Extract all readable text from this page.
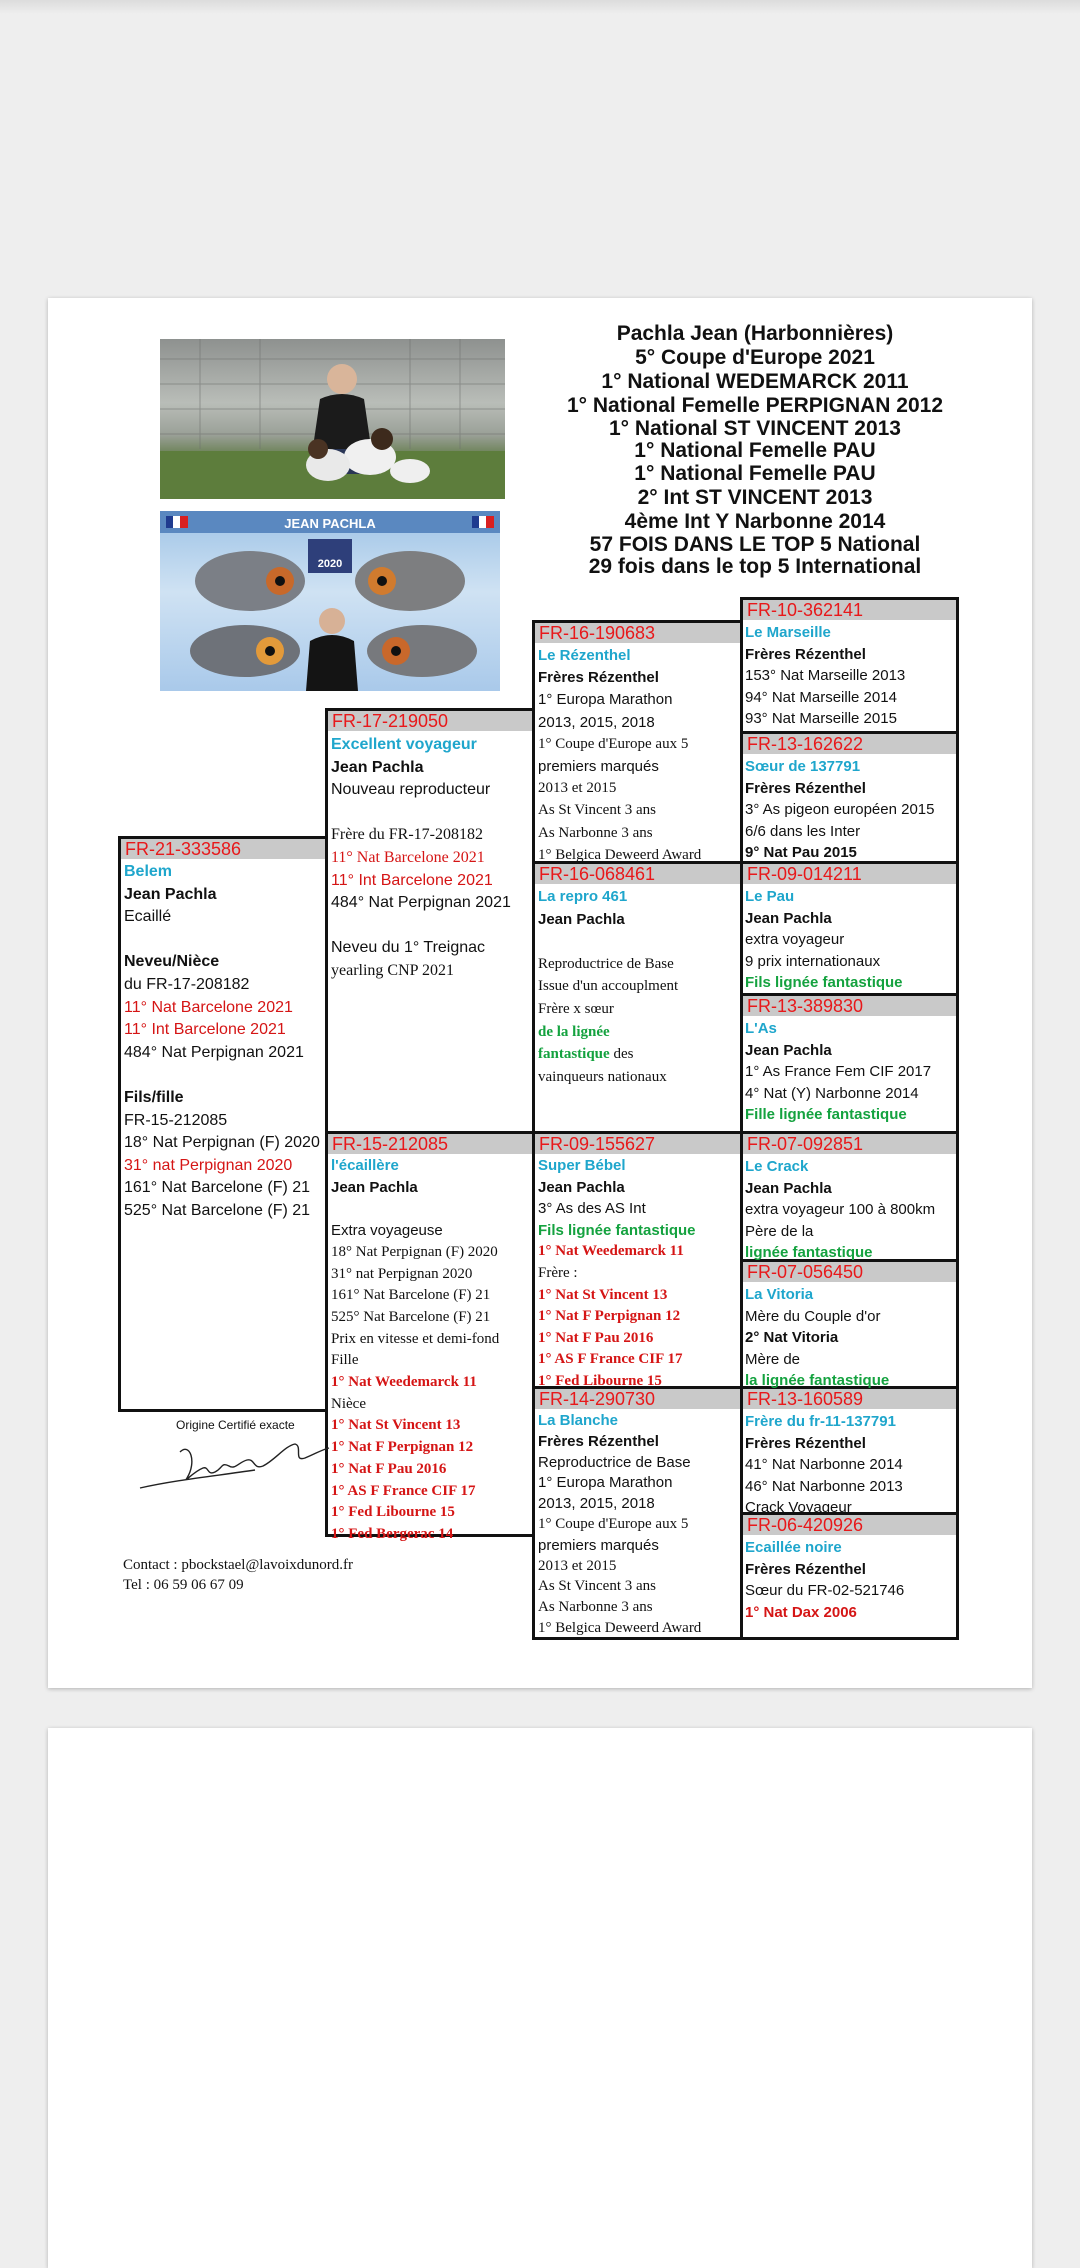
Pachla Jean (Harbonnières)
5° Coupe d'Europe 2021
1° National WEDEMARCK 2011
1° National Femelle PERPIGNAN 2012
1° National ST VINCENT 2013
1° National Femelle PAU
1° National Femelle PAU
2° Int ST VINCENT 2013
4ème Int Y Narbonne 2014
57 FOIS DANS LE TOP 5 National
29 fois dans le top 5 International
JEAN PACHLA
2020
FR-21-333586
FR-17-219050
FR-15-212085
FR-16-190683
FR-16-068461
FR-09-155627
FR-14-290730
FR-10-362141
FR-13-162622
FR-09-014211
FR-13-389830
FR-07-092851
FR-07-056450
FR-13-160589
FR-06-420926
Origine Certifié exacte
Pachla Jean
Contact : pbockstael@lavoixdunord.fr
Tel : 06 59 06 67 09
Belem
Jean Pachla
Ecaillé
Neveu/Nièce
du FR-17-208182
11° Nat Barcelone 2021
11° Int Barcelone 2021
484° Nat Perpignan 2021
Fils/fille
FR-15-212085
18° Nat Perpignan (F) 2020
31° nat Perpignan 2020
161° Nat Barcelone (F) 21
525° Nat Barcelone (F) 21
Excellent voyageur
Jean Pachla
Nouveau reproducteur
Frère du FR-17-208182
11° Nat Barcelone 2021
11° Int Barcelone 2021
484° Nat Perpignan 2021
Neveu du 1° Treignac
yearling CNP 2021
l'écaillère
Jean Pachla
Extra voyageuse
18° Nat Perpignan (F) 2020
31° nat Perpignan 2020
161° Nat Barcelone (F) 21
525° Nat Barcelone (F) 21
Prix en vitesse et demi-fond
Fille
1° Nat Weedemarck 11
Nièce
1° Nat St Vincent 13
1° Nat F Perpignan 12
1° Nat F Pau 2016
1° AS F France CIF 17
1° Fed Libourne 15
1° Fed Bergerac 14
Le Rézenthel
Frères Rézenthel
1° Europa Marathon
2013, 2015, 2018
1° Coupe d'Europe aux 5
premiers marqués
2013 et 2015
As St Vincent 3 ans
As Narbonne 3 ans
1° Belgica Deweerd Award
La repro 461
Jean Pachla
Reproductrice de Base
Issue d'un accouplment
Frère x sœur
de la lignée
fantastique des
vainqueurs nationaux
Super Bébel
Jean Pachla
3° As des AS Int
Fils lignée fantastique
1° Nat Weedemarck 11
Frère :
1° Nat St Vincent 13
1° Nat F Perpignan 12
1° Nat F Pau 2016
1° AS F France CIF 17
1° Fed Libourne 15
La Blanche
Frères Rézenthel
Reproductrice de Base
1° Europa Marathon
2013, 2015, 2018
1° Coupe d'Europe aux 5
premiers marqués
2013 et 2015
As St Vincent 3 ans
As Narbonne 3 ans
1° Belgica Deweerd Award
Le Marseille
Frères Rézenthel
153° Nat Marseille 2013
94° Nat Marseille 2014
93° Nat Marseille 2015
Sœur de 137791
Frères Rézenthel
3° As pigeon européen 2015
6/6 dans les Inter
9° Nat Pau 2015
Le Pau
Jean Pachla
extra voyageur
9 prix internationaux
Fils lignée fantastique
L'As
Jean Pachla
1° As France Fem CIF 2017
4° Nat (Y) Narbonne 2014
Fille lignée fantastique
Le Crack
Jean Pachla
extra voyageur 100 à 800km
Père de la
lignée fantastique
La Vitoria
Mère du Couple d'or
2° Nat Vitoria
Mère de
la lignée fantastique
Frère du fr-11-137791
Frères Rézenthel
41° Nat Narbonne 2014
46° Nat Narbonne 2013
Crack Voyageur
Ecaillée noire
Frères Rézenthel
Sœur du FR-02-521746
1° Nat Dax 2006
